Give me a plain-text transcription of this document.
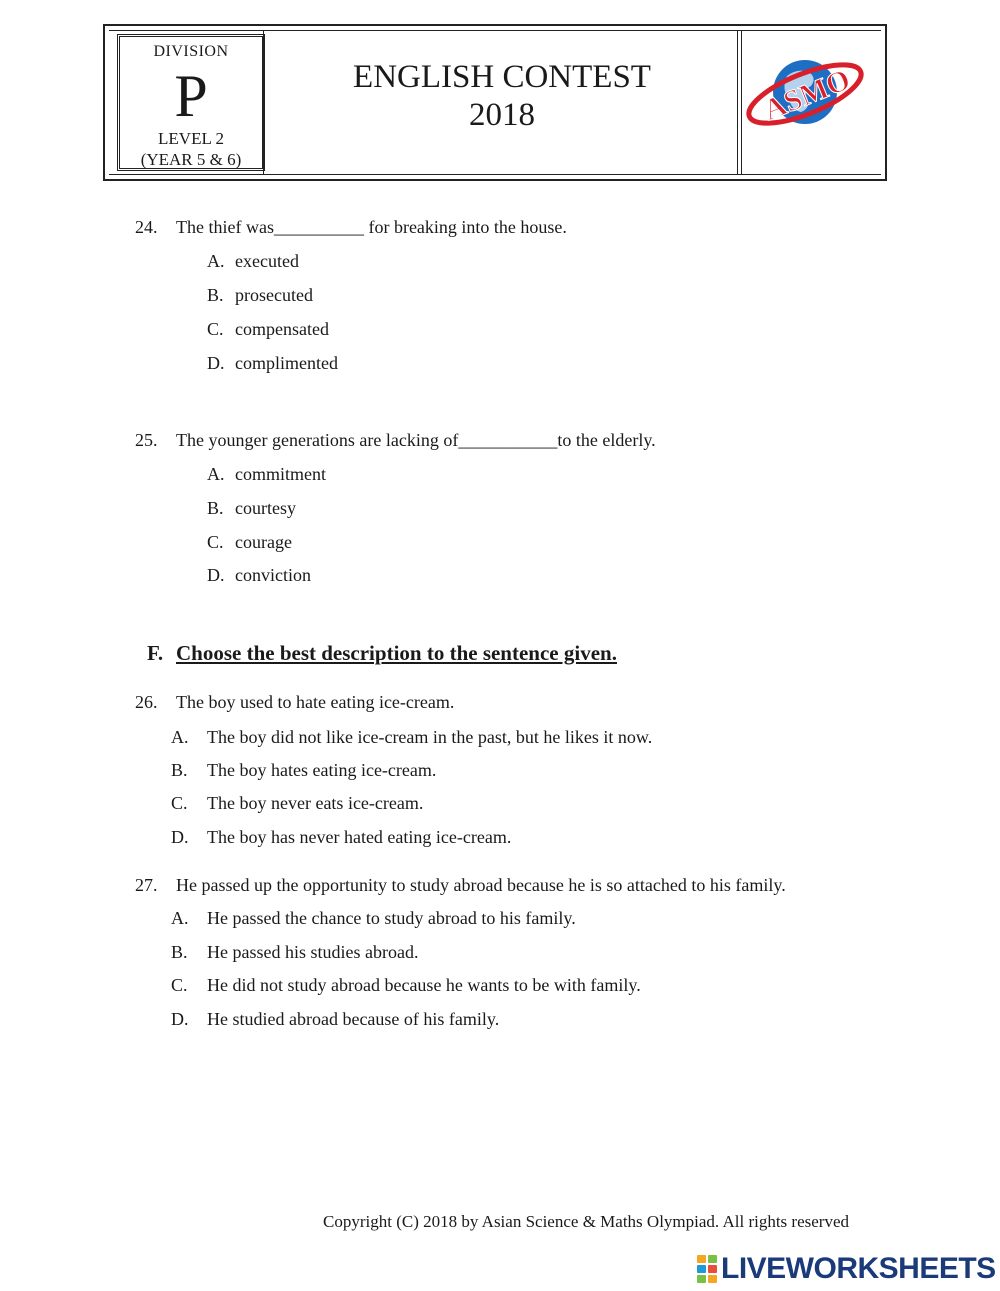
DIVISION
P
LEVEL 2
(YEAR 5 & 6)
ENGLISH CONTEST
2018	ASMO
24. The thief was__________ for breaking into the house.
A. executed
B. prosecuted
C. compensated
D. complimented
25. The younger generations are lacking of___________to the elderly.
A. commitment
B. courtesy
C. courage
D. conviction
F. Choose the best description to the sentence given.
26. The boy used to hate eating ice-cream.
A. The boy did not like ice-cream in the past, but he likes it now.
B. The boy hates eating ice-cream.
C. The boy never eats ice-cream.
D. The boy has never hated eating ice-cream.
27. He passed up the opportunity to study abroad because he is so attached to his family.
A. He passed the chance to study abroad to his family.
B. He passed his studies abroad.
C. He did not study abroad because he wants to be with family.
D. He studied abroad because of his family.
Copyright (C) 2018 by Asian Science & Maths Olympiad. All rights reserved
LIVEWORKSHEETS
